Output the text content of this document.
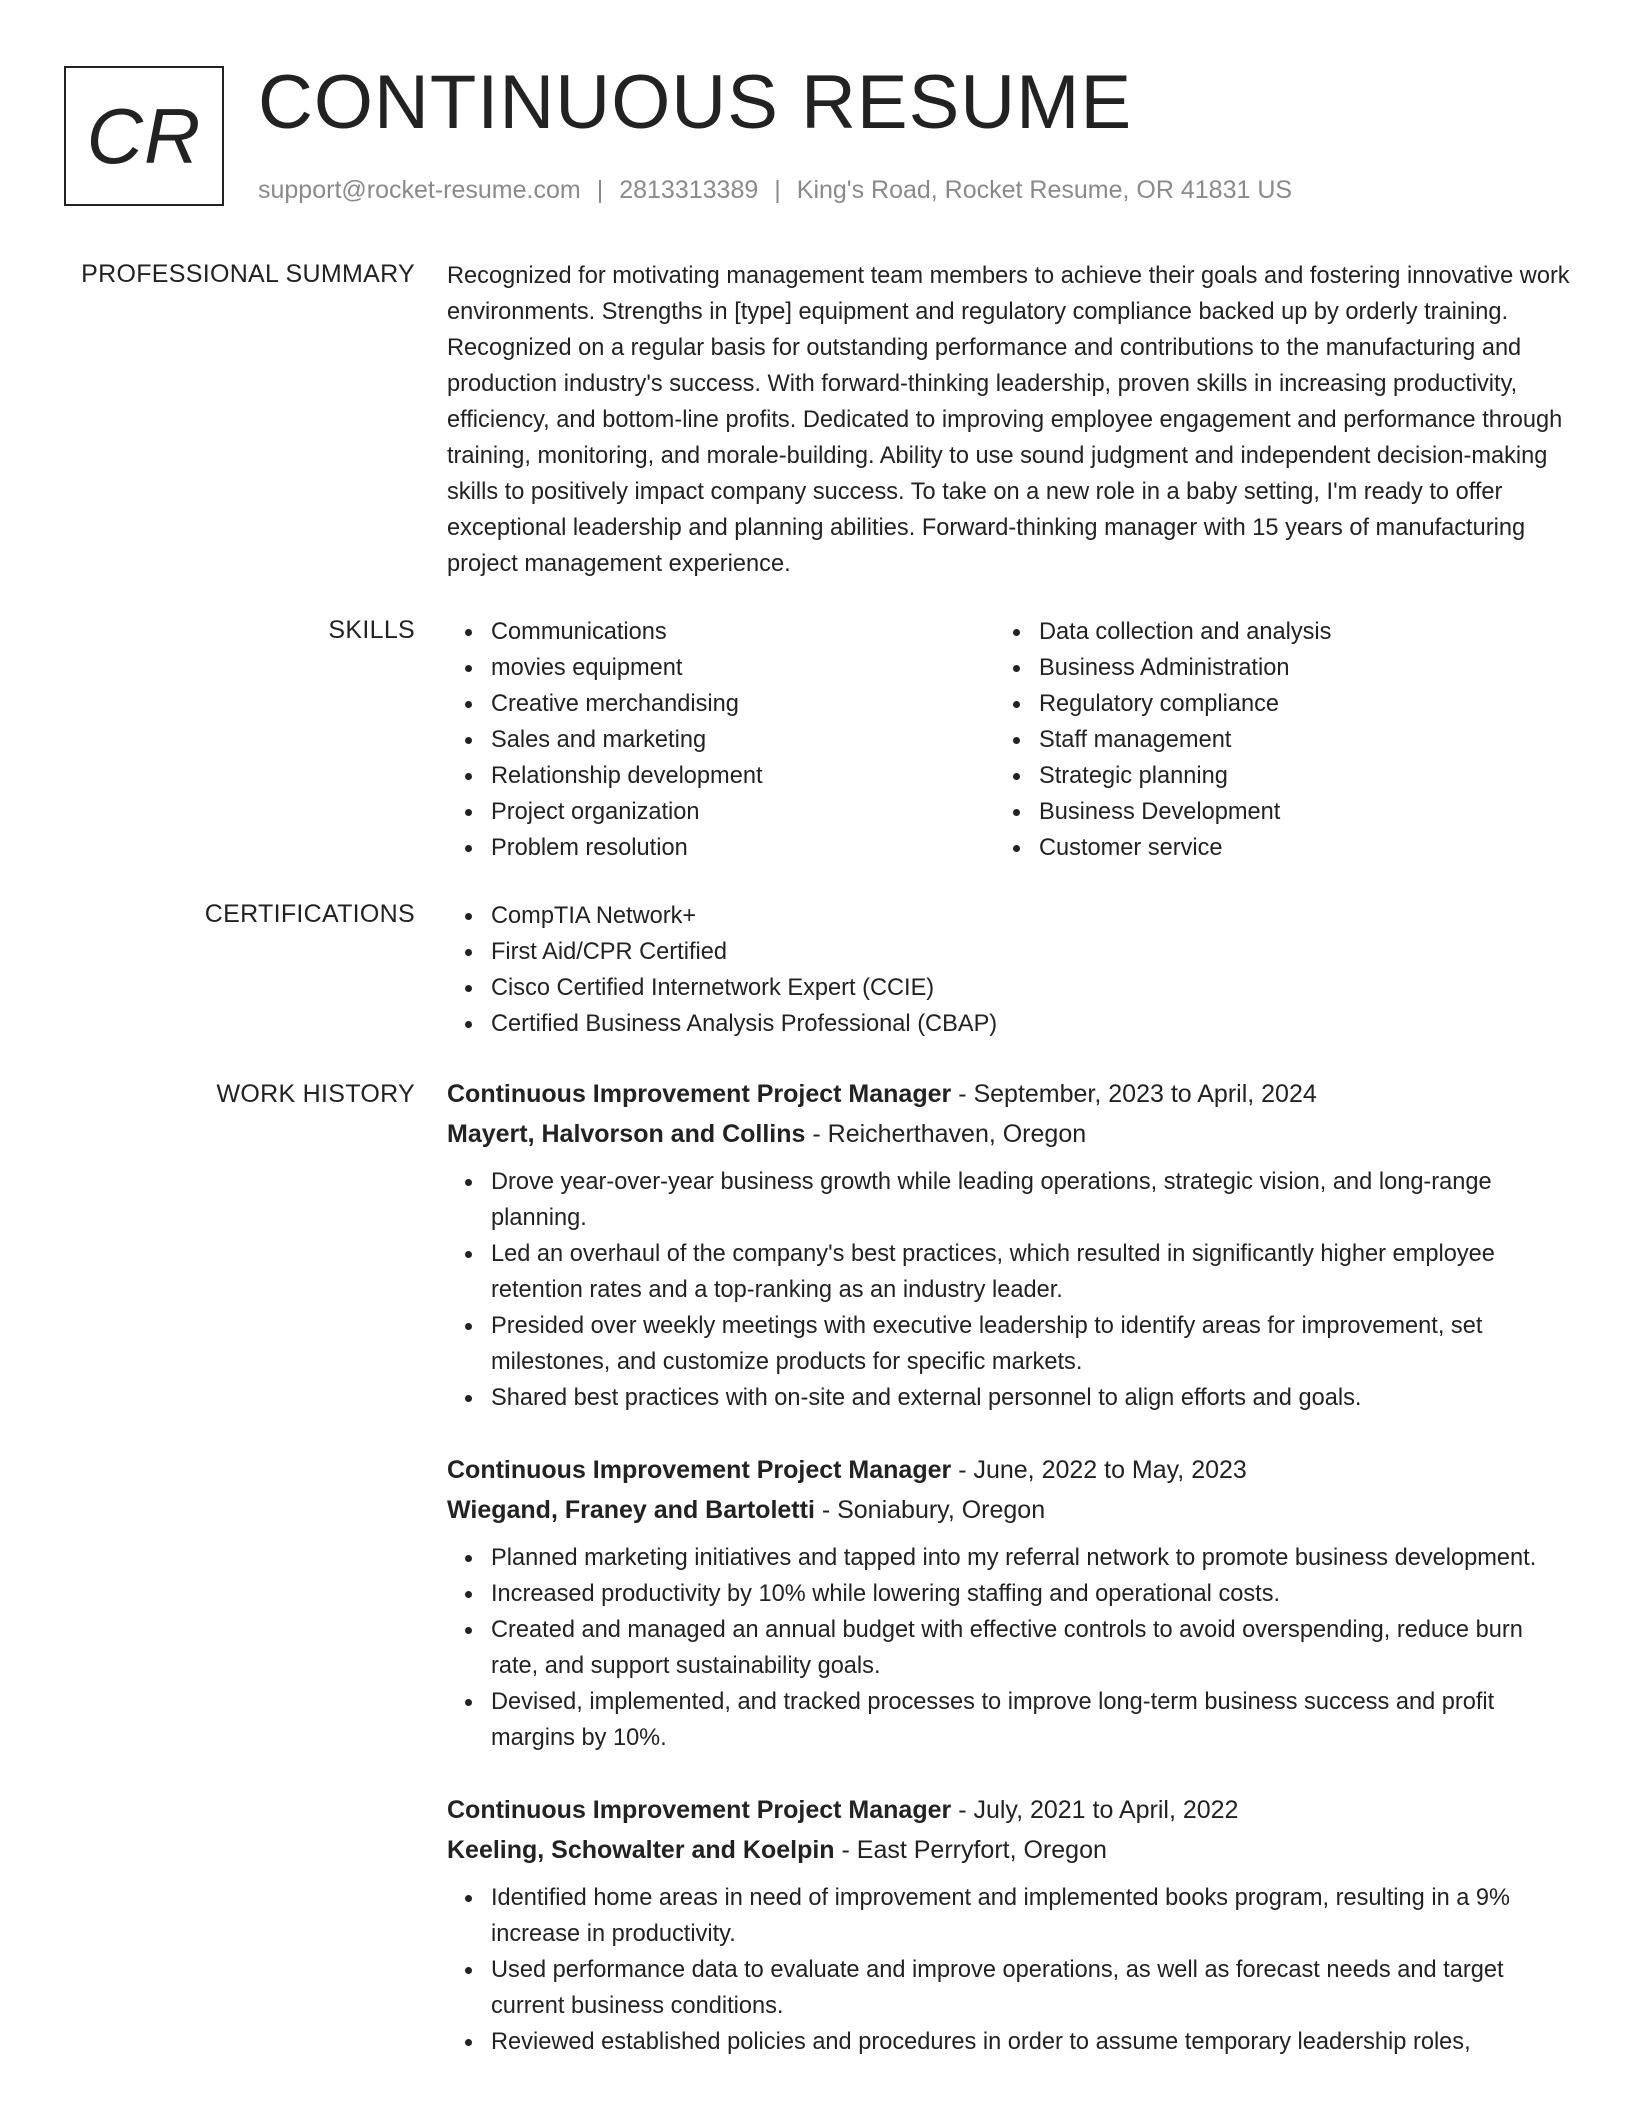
CR CONTINUOUS RESUME
support@rocket-resume.com | 2813313389 | King's Road, Rocket Resume, OR 41831 US
PROFESSIONAL SUMMARY Recognized for motivating management team members to achieve their goals and fostering innovative work environments. Strengths in [type] equipment and regulatory compliance backed up by orderly training. Recognized on a regular basis for outstanding performance and contributions to the manufacturing and production industry's success. With forward-thinking leadership, proven skills in increasing productivity, efficiency, and bottom-line profits. Dedicated to improving employee engagement and performance through training, monitoring, and morale-building. Ability to use sound judgment and independent decision-making skills to positively impact company success. To take on a new role in a baby setting, I'm ready to offer exceptional leadership and planning abilities. Forward-thinking manager with 15 years of manufacturing project management experience.

SKILLS	Communications
movies equipment
Creative merchandising
Sales and marketing
Relationship development
Project organization
Problem resolution
Data collection and analysis
Business Administration
Regulatory compliance
Staff management
Strategic planning
Business Development
Customer service
CERTIFICATIONS	CompTIA Network+
First Aid/CPR Certified
Cisco Certified Internetwork Expert (CCIE)
Certified Business Analysis Professional (CBAP)
WORK HISTORY Continuous Improvement Project Manager - September, 2023 to April, 2024
Mayert, Halvorson and Collins - Reicherthaven, Oregon
Drove year-over-year business growth while leading operations, strategic vision, and long-range planning.
Led an overhaul of the company's best practices, which resulted in significantly higher employee retention rates and a top-ranking as an industry leader.
Presided over weekly meetings with executive leadership to identify areas for improvement, set milestones, and customize products for specific markets.
Shared best practices with on-site and external personnel to align efforts and goals.
Continuous Improvement Project Manager - June, 2022 to May, 2023
Wiegand, Franey and Bartoletti - Soniabury, Oregon
Planned marketing initiatives and tapped into my referral network to promote business development.
Increased productivity by 10% while lowering staffing and operational costs.
Created and managed an annual budget with effective controls to avoid overspending, reduce burn rate, and support sustainability goals.
Devised, implemented, and tracked processes to improve long-term business success and profit margins by 10%.
Continuous Improvement Project Manager - July, 2021 to April, 2022
Keeling, Schowalter and Koelpin - East Perryfort, Oregon
Identified home areas in need of improvement and implemented books program, resulting in a 9% increase in productivity.
Used performance data to evaluate and improve operations, as well as forecast needs and target current business conditions.
Reviewed established policies and procedures in order to assume temporary leadership roles,
